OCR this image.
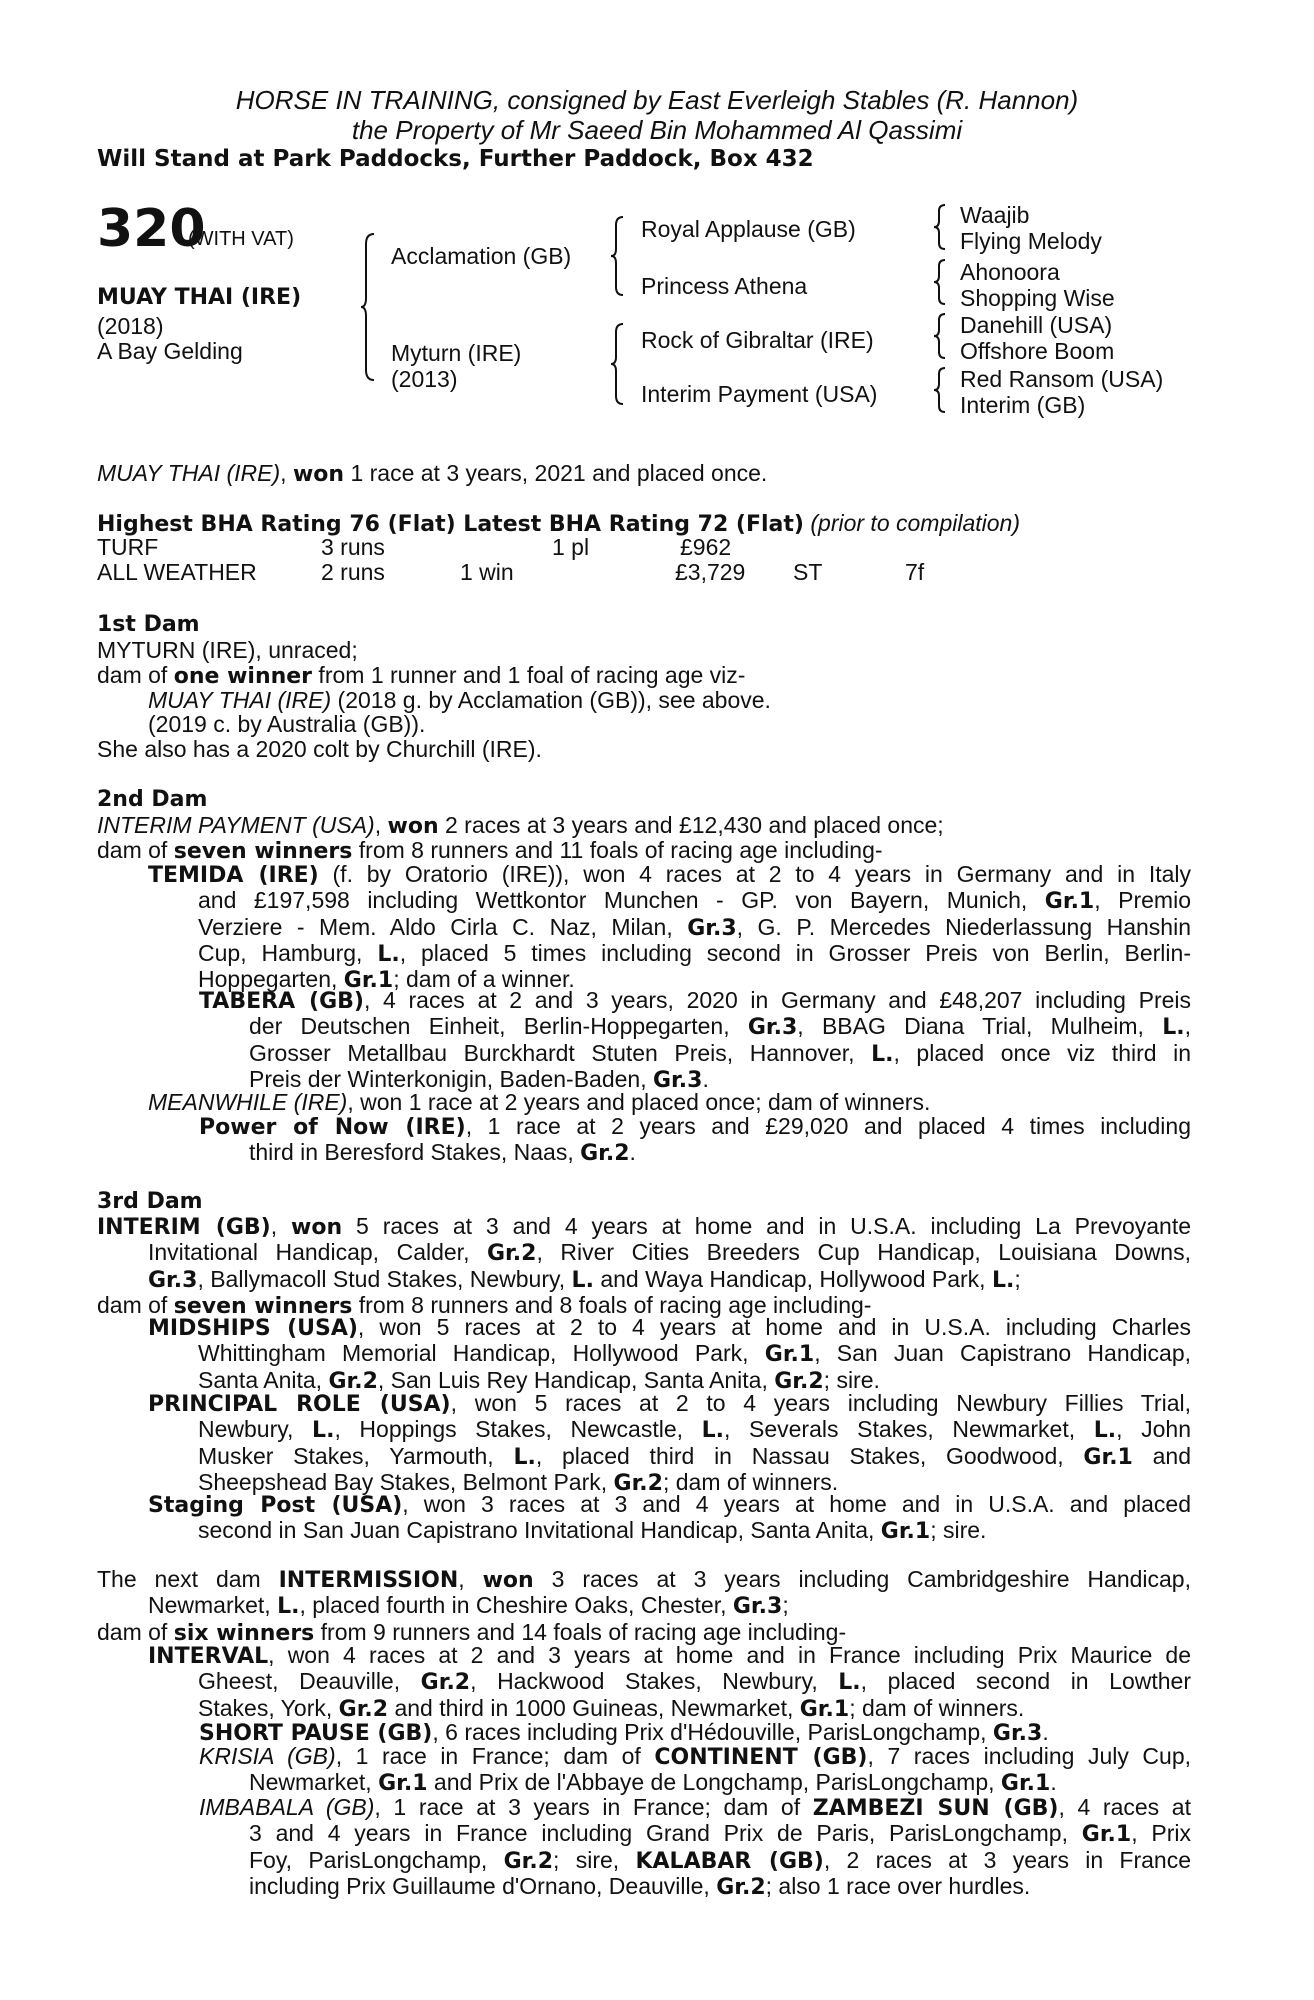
HORSE IN TRAINING, consigned by East Everleigh Stables (R. Hannon)
the Property of Mr Saeed Bin Mohammed Al Qassimi
Will Stand at Park Paddocks, Further Paddock, Box 432
320
(WITH VAT)
MUAY THAI (IRE)
(2018)
A Bay Gelding
Acclamation (GB)
Myturn (IRE)
(2013)
Royal Applause (GB)
Princess Athena
Rock of Gibraltar (IRE)
Interim Payment (USA)
Waajib
Flying Melody
Ahonoora
Shopping Wise
Danehill (USA)
Offshore Boom
Red Ransom (USA)
Interim (GB)
MUAY THAI (IRE), won 1 race at 3 years, 2021 and placed once.
Highest BHA Rating 76 (Flat) Latest BHA Rating 72 (Flat) (prior to compilation)
TURF	3 runs	1 pl	£962
ALL WEATHER	2 runs	1 win	£3,729 ST	7f
1st Dam
MYTURN (IRE), unraced;
dam of one winner from 1 runner and 1 foal of racing age viz-
MUAY THAI (IRE) (2018 g. by Acclamation (GB)), see above.
(2019 c. by Australia (GB)).
She also has a 2020 colt by Churchill (IRE).
2nd Dam
INTERIM PAYMENT (USA), won 2 races at 3 years and £12,430 and placed once;
dam of seven winners from 8 runners and 11 foals of racing age including-
TEMIDA (IRE) (f. by Oratorio (IRE)), won 4 races at 2 to 4 years in Germany and in Italy
and £197,598 including Wettkontor Munchen - GP. von Bayern, Munich, Gr.1, Premio
Verziere - Mem. Aldo Cirla C. Naz, Milan, Gr.3, G. P. Mercedes Niederlassung Hanshin
Cup, Hamburg, L., placed 5 times including second in Grosser Preis von Berlin, Berlin-
Hoppegarten, Gr.1; dam of a winner.
TABERA (GB), 4 races at 2 and 3 years, 2020 in Germany and £48,207 including Preis
der Deutschen Einheit, Berlin-Hoppegarten, Gr.3, BBAG Diana Trial, Mulheim, L.,
Grosser Metallbau Burckhardt Stuten Preis, Hannover, L., placed once viz third in
Preis der Winterkonigin, Baden-Baden, Gr.3.
MEANWHILE (IRE), won 1 race at 2 years and placed once; dam of winners.
Power of Now (IRE), 1 race at 2 years and £29,020 and placed 4 times including
third in Beresford Stakes, Naas, Gr.2.
3rd Dam
INTERIM (GB), won 5 races at 3 and 4 years at home and in U.S.A. including La Prevoyante
Invitational Handicap, Calder, Gr.2, River Cities Breeders Cup Handicap, Louisiana Downs,
Gr.3, Ballymacoll Stud Stakes, Newbury, L. and Waya Handicap, Hollywood Park, L.;
dam of seven winners from 8 runners and 8 foals of racing age including-
MIDSHIPS (USA), won 5 races at 2 to 4 years at home and in U.S.A. including Charles
Whittingham Memorial Handicap, Hollywood Park, Gr.1, San Juan Capistrano Handicap,
Santa Anita, Gr.2, San Luis Rey Handicap, Santa Anita, Gr.2; sire.
PRINCIPAL ROLE (USA), won 5 races at 2 to 4 years including Newbury Fillies Trial,
Newbury, L., Hoppings Stakes, Newcastle, L., Severals Stakes, Newmarket, L., John
Musker Stakes, Yarmouth, L., placed third in Nassau Stakes, Goodwood, Gr.1 and
Sheepshead Bay Stakes, Belmont Park, Gr.2; dam of winners.
Staging Post (USA), won 3 races at 3 and 4 years at home and in U.S.A. and placed
second in San Juan Capistrano Invitational Handicap, Santa Anita, Gr.1; sire.
The next dam INTERMISSION, won 3 races at 3 years including Cambridgeshire Handicap,
Newmarket, L., placed fourth in Cheshire Oaks, Chester, Gr.3;
dam of six winners from 9 runners and 14 foals of racing age including-
INTERVAL, won 4 races at 2 and 3 years at home and in France including Prix Maurice de
Gheest, Deauville, Gr.2, Hackwood Stakes, Newbury, L., placed second in Lowther
Stakes, York, Gr.2 and third in 1000 Guineas, Newmarket, Gr.1; dam of winners.
SHORT PAUSE (GB), 6 races including Prix d'Hédouville, ParisLongchamp, Gr.3.
KRISIA (GB), 1 race in France; dam of CONTINENT (GB), 7 races including July Cup,
Newmarket, Gr.1 and Prix de l'Abbaye de Longchamp, ParisLongchamp, Gr.1.
IMBABALA (GB), 1 race at 3 years in France; dam of ZAMBEZI SUN (GB), 4 races at
3 and 4 years in France including Grand Prix de Paris, ParisLongchamp, Gr.1, Prix
Foy, ParisLongchamp, Gr.2; sire, KALABAR (GB), 2 races at 3 years in France
including Prix Guillaume d'Ornano, Deauville, Gr.2; also 1 race over hurdles.
